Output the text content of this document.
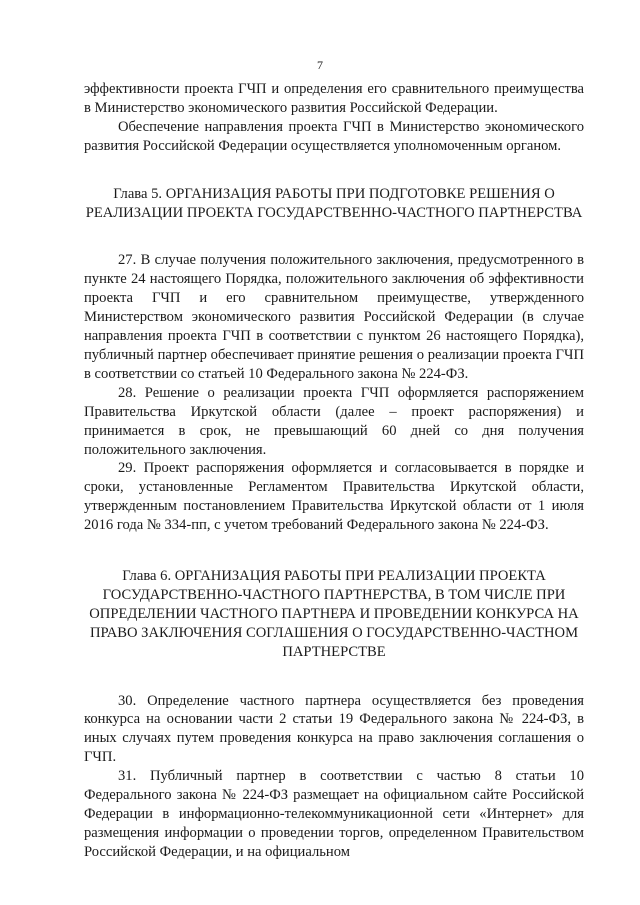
7

эффективности проекта ГЧП и определения его сравнительного преимущества в Министерство экономического развития Российской Федерации.

Обеспечение направления проекта ГЧП в Министерство экономического развития Российской Федерации осуществляется уполномоченным органом.

Глава 5. ОРГАНИЗАЦИЯ РАБОТЫ ПРИ ПОДГОТОВКЕ РЕШЕНИЯ О РЕАЛИЗАЦИИ ПРОЕКТА ГОСУДАРСТВЕННО-ЧАСТНОГО ПАРТНЕРСТВА

27. В случае получения положительного заключения, предусмотренного в пункте 24 настоящего Порядка, положительного заключения об эффективности проекта ГЧП и его сравнительном преимуществе, утвержденного Министерством экономического развития Российской Федерации (в случае направления проекта ГЧП в соответствии с пунктом 26 настоящего Порядка), публичный партнер обеспечивает принятие решения о реализации проекта ГЧП в соответствии со статьей 10 Федерального закона № 224-ФЗ.

28. Решение о реализации проекта ГЧП оформляется распоряжением Правительства Иркутской области (далее – проект распоряжения) и принимается в срок, не превышающий 60 дней со дня получения положительного заключения.

29. Проект распоряжения оформляется и согласовывается в порядке и сроки, установленные Регламентом Правительства Иркутской области, утвержденным постановлением Правительства Иркутской области от 1 июля 2016 года № 334-пп, с учетом требований Федерального закона № 224-ФЗ.

Глава 6. ОРГАНИЗАЦИЯ РАБОТЫ ПРИ РЕАЛИЗАЦИИ ПРОЕКТА ГОСУДАРСТВЕННО-ЧАСТНОГО ПАРТНЕРСТВА, В ТОМ ЧИСЛЕ ПРИ ОПРЕДЕЛЕНИИ ЧАСТНОГО ПАРТНЕРА И ПРОВЕДЕНИИ КОНКУРСА НА ПРАВО ЗАКЛЮЧЕНИЯ СОГЛАШЕНИЯ О ГОСУДАРСТВЕННО-ЧАСТНОМ ПАРТНЕРСТВЕ

30. Определение частного партнера осуществляется без проведения конкурса на основании части 2 статьи 19 Федерального закона № 224-ФЗ, в иных случаях путем проведения конкурса на право заключения соглашения о ГЧП.

31. Публичный партнер в соответствии с частью 8 статьи 10 Федерального закона № 224-ФЗ размещает на официальном сайте Российской Федерации в информационно-телекоммуникационной сети «Интернет» для размещения информации о проведении торгов, определенном Правительством Российской Федерации, и на официальном
